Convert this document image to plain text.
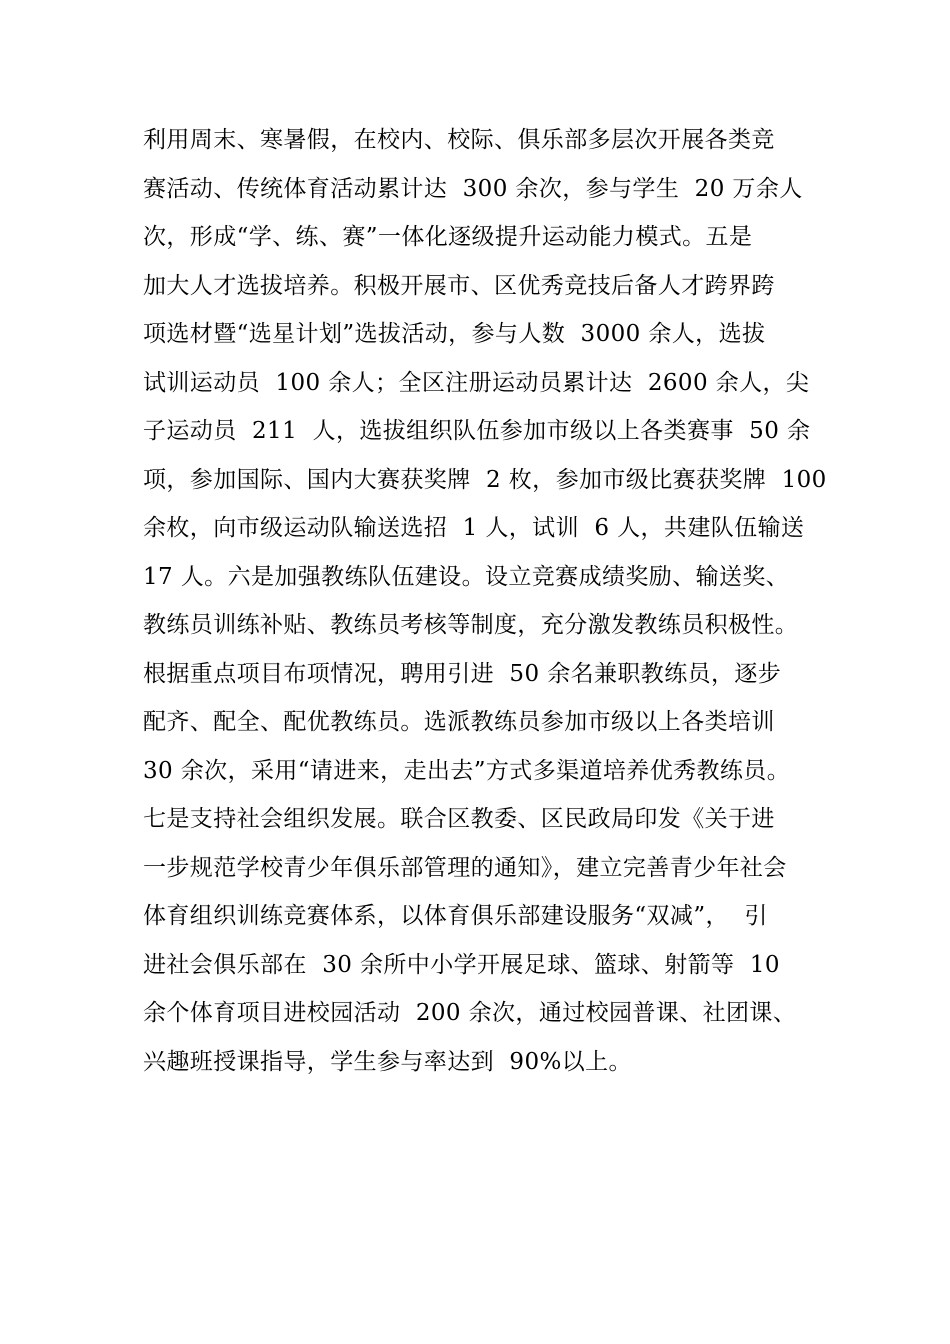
利用周末、寒暑假，在校内、校际、俱乐部多层次开展各类竞
赛活动、传统体育活动累计达  300 余次，参与学生  20 万余人
次，形成“学、练、赛”一体化逐级提升运动能力模式。五是
加大人才选拔培养。积极开展市、区优秀竞技后备人才跨界跨
项选材暨“选星计划”选拔活动，参与人数  3000 余人，选拔
试训运动员  100 余人；全区注册运动员累计达  2600 余人，尖
子运动员  211  人，选拔组织队伍参加市级以上各类赛事  50 余
项，参加国际、国内大赛获奖牌  2 枚，参加市级比赛获奖牌  100
余枚，向市级运动队输送选招  1 人，试训  6 人，共建队伍输送
17 人。六是加强教练队伍建设。设立竞赛成绩奖励、输送奖、
教练员训练补贴、教练员考核等制度，充分激发教练员积极性。
根据重点项目布项情况，聘用引进  50 余名兼职教练员，逐步
配齐、配全、配优教练员。选派教练员参加市级以上各类培训
30 余次，采用“请进来，走出去”方式多渠道培养优秀教练员。
七是支持社会组织发展。联合区教委、区民政局印发《关于进
一步规范学校青少年俱乐部管理的通知》，建立完善青少年社会
体育组织训练竞赛体系，以体育俱乐部建设服务“双减”，  引
进社会俱乐部在  30 余所中小学开展足球、篮球、射箭等  10
余个体育项目进校园活动  200 余次，通过校园普课、社团课、
兴趣班授课指导，学生参与率达到  90%以上。
